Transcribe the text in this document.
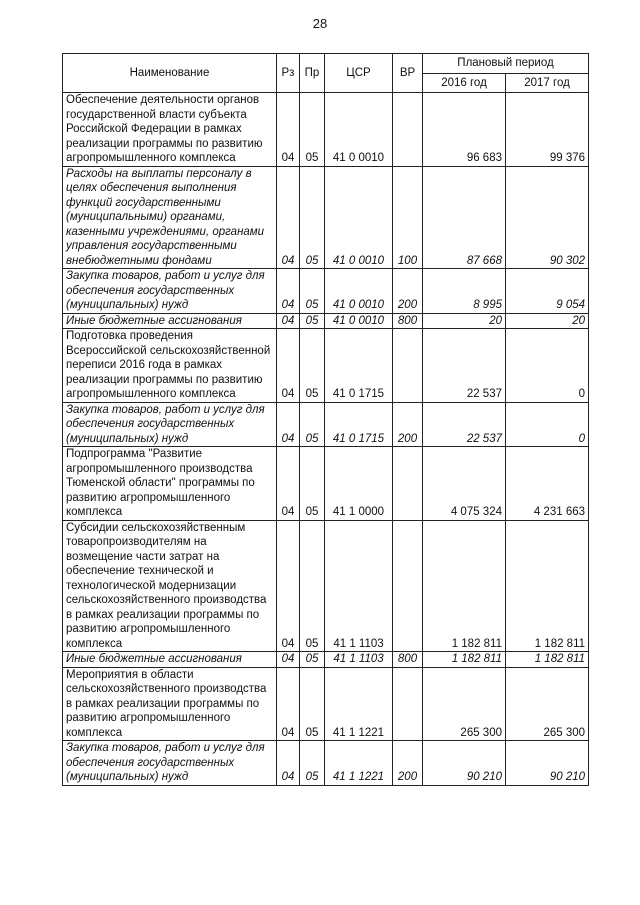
28
Наименование	Рз	Пр	ЦСР	ВР	Плановый период	
					2016 год	2017 год
Обеспечение деятельности органов государственной власти субъекта Российской Федерации в рамках реализации программы по развитию агропромышленного комплекса	04	05	41 0 0010		96 683	99 376
Расходы на выплаты персоналу в целях обеспечения выполнения функций государственными (муниципальными) органами, казенными учреждениями, органами управления государственными внебюджетными фондами	04	05	41 0 0010	100	87 668	90 302
Закупка товаров, работ и услуг для обеспечения государственных (муниципальных) нужд	04	05	41 0 0010	200	8 995	9 054
Иные бюджетные ассигнования	04	05	41 0 0010	800	20	20
Подготовка проведения Всероссийской сельскохозяйственной переписи 2016 года в рамках реализации программы по развитию агропромышленного комплекса	04	05	41 0 1715		22 537	0
Закупка товаров, работ и услуг для обеспечения государственных (муниципальных) нужд	04	05	41 0 1715	200	22 537	0
Подпрограмма "Развитие агропромышленного производства Тюменской области" программы по развитию агропромышленного комплекса	04	05	41 1 0000		4 075 324	4 231 663
Субсидии сельскохозяйственным товаропроизводителям на возмещение части затрат на обеспечение технической и технологической модернизации сельскохозяйственного производства в рамках реализации программы по развитию агропромышленного комплекса	04	05	41 1 1103		1 182 811	1 182 811
Иные бюджетные ассигнования	04	05	41 1 1103	800	1 182 811	1 182 811
Мероприятия в области сельскохозяйственного производства в рамках реализации программы по развитию агропромышленного комплекса	04	05	41 1 1221		265 300	265 300
Закупка товаров, работ и услуг для обеспечения государственных (муниципальных) нужд	04	05	41 1 1221	200	90 210	90 210
